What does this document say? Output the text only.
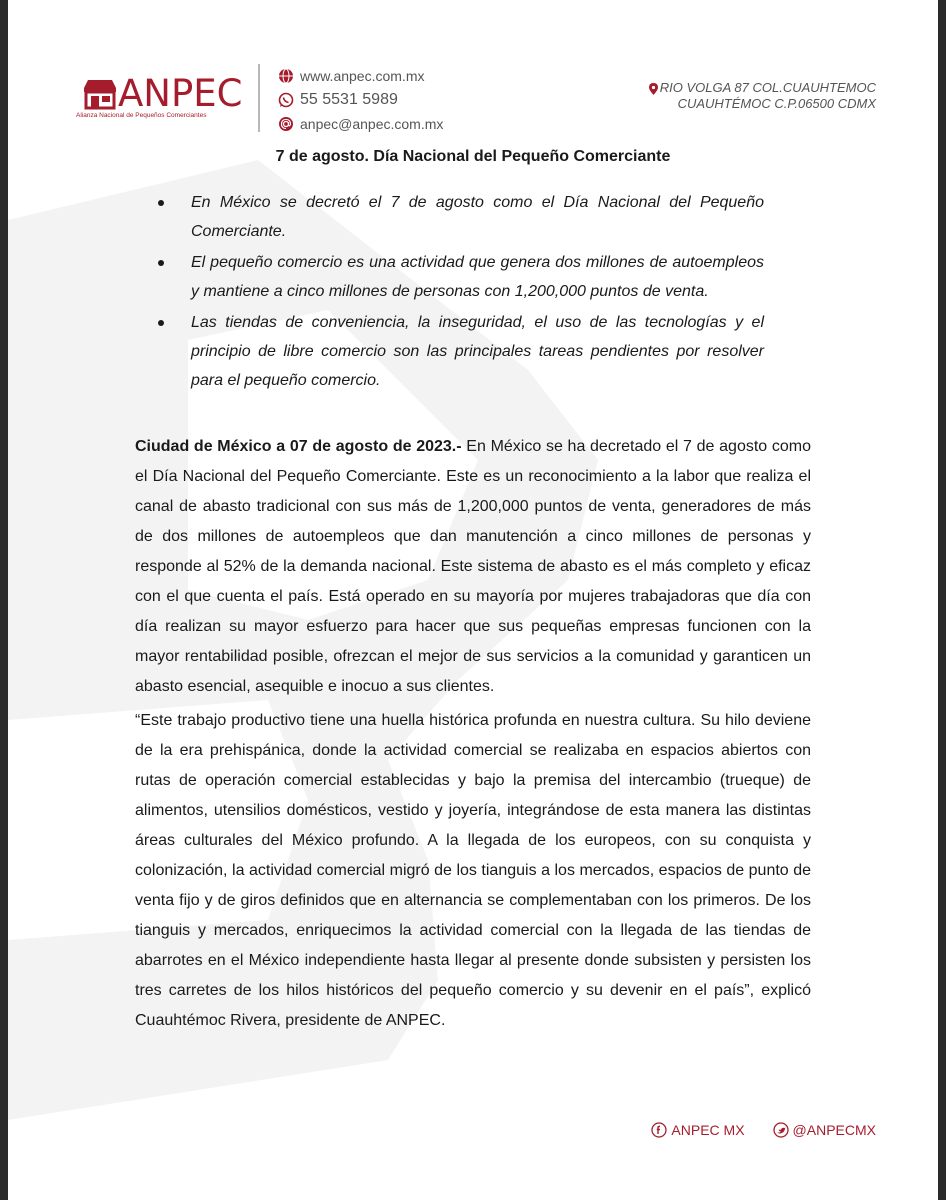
ANPEC
Alianza Nacional de Pequeños Comerciantes
www.anpec.com.mx
55 5531 5989
anpec@anpec.com.mx
RIO VOLGA 87 COL.CUAUHTEMOC
CUAUHTÉMOC C.P.06500 CDMX
7 de agosto. Día Nacional del Pequeño Comerciante
En México se decretó el 7 de agosto como el Día Nacional del Pequeño Comerciante.
El pequeño comercio es una actividad que genera dos millones de autoempleos y mantiene a cinco millones de personas con 1,200,000 puntos de venta.
Las tiendas de conveniencia, la inseguridad, el uso de las tecnologías y el principio de libre comercio son las principales tareas pendientes por resolver para el pequeño comercio.

Ciudad de México a 07 de agosto de 2023.- En México se ha decretado el 7 de agosto como el Día Nacional del Pequeño Comerciante. Este es un reconocimiento a la labor que realiza el canal de abasto tradicional con sus más de 1,200,000 puntos de venta, generadores de más de dos millones de autoempleos que dan manutención a cinco millones de personas y responde al 52% de la demanda nacional. Este sistema de abasto es el más completo y eficaz con el que cuenta el país. Está operado en su mayoría por mujeres trabajadoras que día con día realizan su mayor esfuerzo para hacer que sus pequeñas empresas funcionen con la mayor rentabilidad posible, ofrezcan el mejor de sus servicios a la comunidad y garanticen un abasto esencial, asequible e inocuo a sus clientes.

“Este trabajo productivo tiene una huella histórica profunda en nuestra cultura. Su hilo deviene de la era prehispánica, donde la actividad comercial se realizaba en espacios abiertos con rutas de operación comercial establecidas y bajo la premisa del intercambio (trueque) de alimentos, utensilios domésticos, vestido y joyería, integrándose de esta manera las distintas áreas culturales del México profundo. A la llegada de los europeos, con su conquista y colonización, la actividad comercial migró de los tianguis a los mercados, espacios de punto de venta fijo y de giros definidos que en alternancia se complementaban con los primeros. De los tianguis y mercados, enriquecimos la actividad comercial con la llegada de las tiendas de abarrotes en el México independiente hasta llegar al presente donde subsisten y persisten los tres carretes de los hilos históricos del pequeño comercio y su devenir en el país”, explicó Cuauhtémoc Rivera, presidente de ANPEC.

ANPEC MX	@ANPECMX
